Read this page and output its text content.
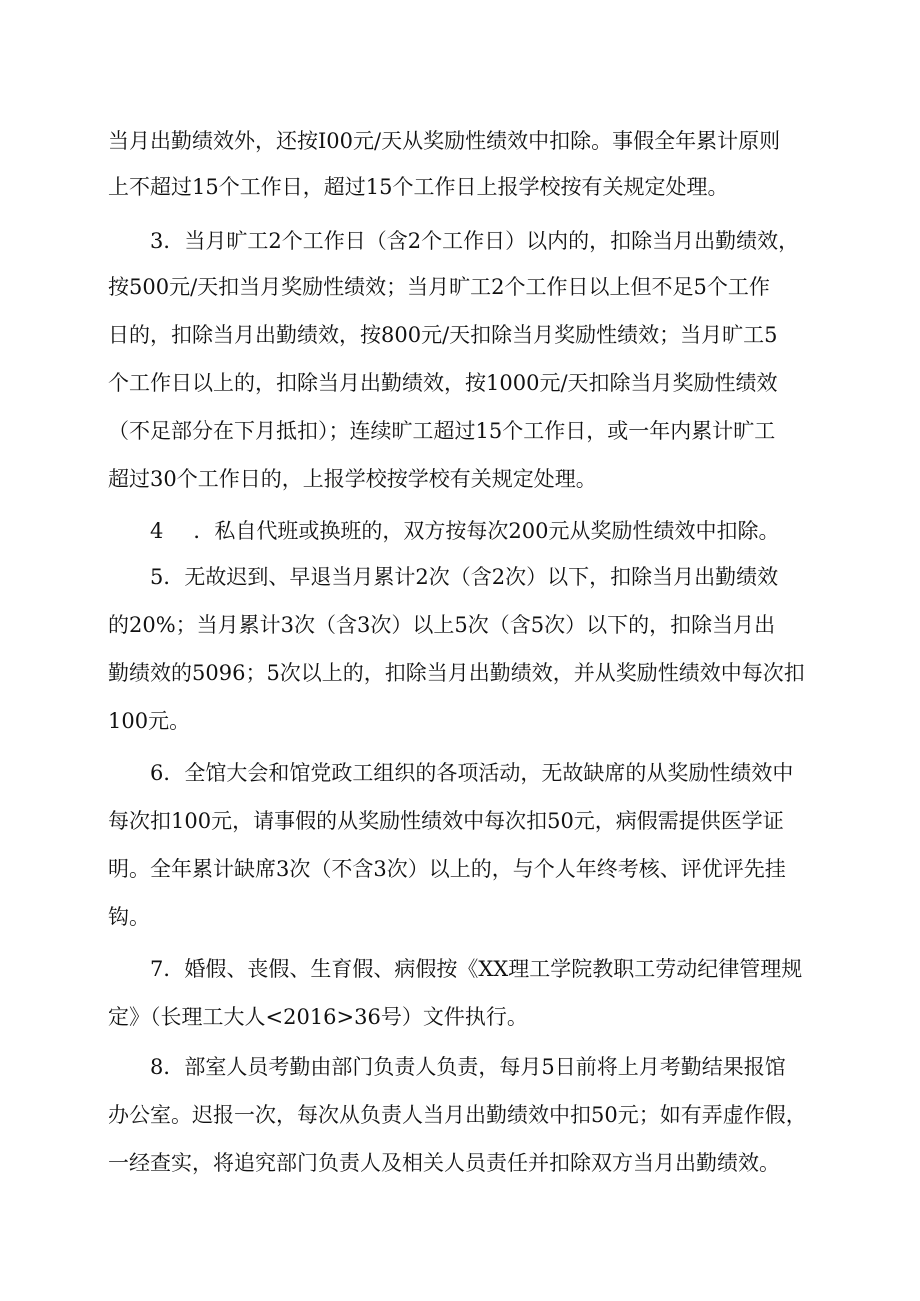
当月出勤绩效外，还按I00元/天从奖励性绩效中扣除。事假全年累计原则
上不超过15个工作日，超过15个工作日上报学校按有关规定处理。
3．当月旷工2个工作日（含2个工作日）以内的，扣除当月出勤绩效，
按500元/天扣当月奖励性绩效；当月旷工2个工作日以上但不足5个工作
日的，扣除当月出勤绩效，按800元/天扣除当月奖励性绩效；当月旷工5
个工作日以上的，扣除当月出勤绩效，按1000元/天扣除当月奖励性绩效
（不足部分在下月抵扣）；连续旷工超过15个工作日，或一年内累计旷工
超过30个工作日的，上报学校按学校有关规定处理。
4 ．私自代班或换班的，双方按每次200元从奖励性绩效中扣除。
5．无故迟到、早退当月累计2次（含2次）以下，扣除当月出勤绩效
的20%；当月累计3次（含3次）以上5次（含5次）以下的，扣除当月出
勤绩效的5096；5次以上的，扣除当月出勤绩效，并从奖励性绩效中每次扣
100元。
6．全馆大会和馆党政工组织的各项活动，无故缺席的从奖励性绩效中
每次扣100元，请事假的从奖励性绩效中每次扣50元，病假需提供医学证
明。全年累计缺席3次（不含3次）以上的，与个人年终考核、评优评先挂
钩。
7．婚假、丧假、生育假、病假按《XX理工学院教职工劳动纪律管理规
定》（长理工大人<2016>36号）文件执行。
8．部室人员考勤由部门负责人负责，每月5日前将上月考勤结果报馆
办公室。迟报一次，每次从负责人当月出勤绩效中扣50元；如有弄虚作假，
一经查实，将追究部门负责人及相关人员责任并扣除双方当月出勤绩效。
